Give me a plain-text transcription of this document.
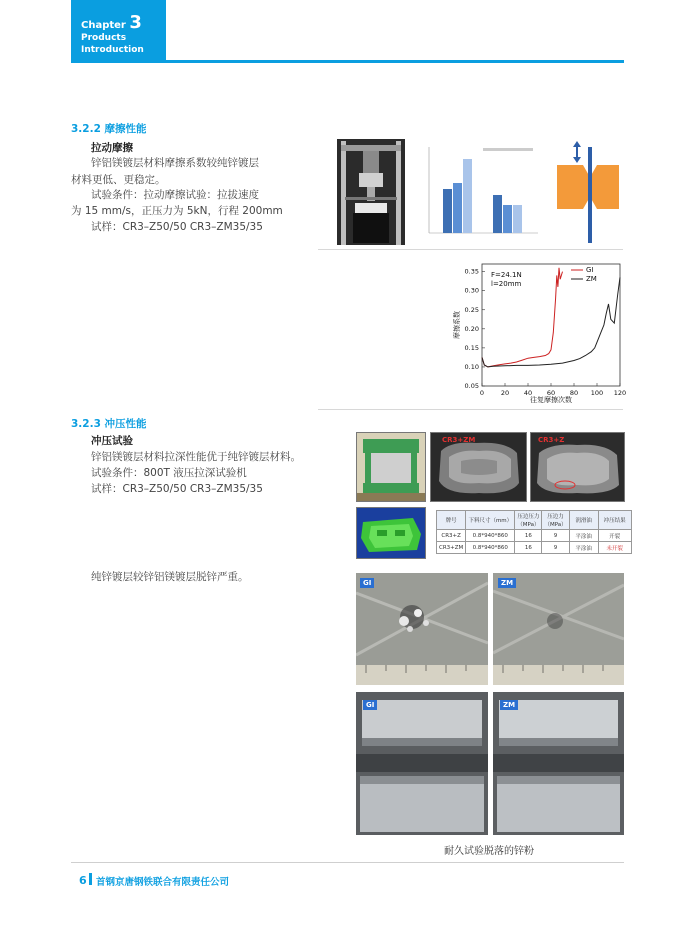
Chapter 3
Products
Introduction
3.2.2 摩擦性能
拉动摩擦
锌铝镁镀层材料摩擦系数较纯锌镀层
材料更低、更稳定。
试验条件：拉动摩擦试验：拉拔速度
为 15 mm/s，正压力为 5kN，行程 200mm
试样：CR3–Z50/50 CR3–ZM35/35
0	20 40 60 80 100 120
0.05
0.10
0.15
0.20
0.25
0.30
0.35 F=24.1N
l=20mm
GI
ZM
往复摩擦次数
摩擦系数
3.2.3 冲压性能
冲压试验
锌铝镁镀层材料拉深性能优于纯锌镀层材料。
试验条件：800T 液压拉深试验机
试样：CR3–Z50/50 CR3–ZM35/35
CR3+ZM	CR3+Z
牌号	下料尺寸（mm）	压边压力（MPa）	压边力（MPa）	润滑油	冲压结果
CR3+Z	0.8*940*860	16	9	平涂油	开裂
CR3+ZM	0.8*940*860	16	9	平涂油	未开裂
纯锌镀层较锌铝镁镀层脱锌严重。	GI	ZM
GI	ZM
耐久试验脱落的锌粉
6 首钢京唐钢铁联合有限责任公司
